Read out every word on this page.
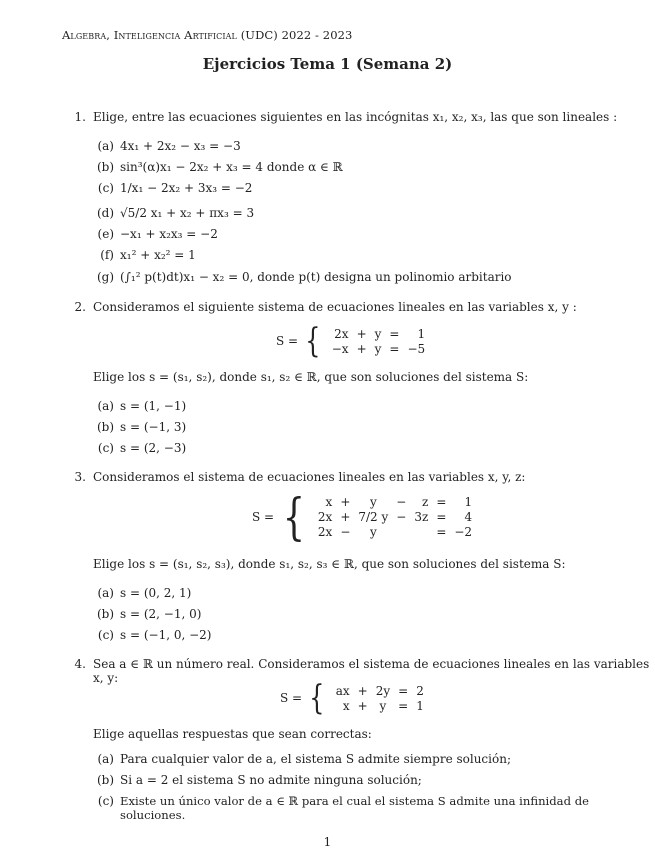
Algebra, Inteligencia Artificial (UDC) 2022 - 2023
Ejercicios Tema 1 (Semana 2)
1. Elige, entre las ecuaciones siguientes en las incógnitas x₁, x₂, x₃, las que son lineales :
(a) 4x₁ + 2x₂ − x₃ = −3
(b) sin³(α)x₁ − 2x₂ + x₃ = 4 donde α ∈ ℝ
(c) 1/x₁ − 2x₂ + 3x₃ = −2
(d) √5/2 x₁ + x₂ + πx₃ = 3
(e) −x₁ + x₂x₃ = −2
(f) x₁² + x₂² = 1
(g) (∫₁² p(t)dt)x₁ − x₂ = 0, donde p(t) designa un polinomio arbitario
2. Consideramos el siguiente sistema de ecuaciones lineales en las variables x, y :
S = { 2x	+	y	=	1
−x	+	y	=	−5
Elige los s = (s₁, s₂), donde s₁, s₂ ∈ ℝ, que son soluciones del sistema S:
(a) s = (1, −1)
(b) s = (−1, 3)
(c) s = (2, −3)
3. Consideramos el sistema de ecuaciones lineales en las variables x, y, z:
S = { x	+	y	−	z	=	1
2x	+	7/2 y	−	3z	=	4
2x	−	y			=	−2
Elige los s = (s₁, s₂, s₃), donde s₁, s₂, s₃ ∈ ℝ, que son soluciones del sistema S:
(a) s = (0, 2, 1)
(b) s = (2, −1, 0)
(c) s = (−1, 0, −2)
4. Sea a ∈ ℝ un número real. Consideramos el sistema de ecuaciones lineales en las variables x, y:
S = { ax	+	2y	=	2
x	+	y	=	1
Elige aquellas respuestas que sean correctas:
(a) Para cualquier valor de a, el sistema S admite siempre solución;
(b) Si a = 2 el sistema S no admite ninguna solución;
(c) Existe un único valor de a ∈ ℝ para el cual el sistema S admite una infinidad de soluciones.
1
